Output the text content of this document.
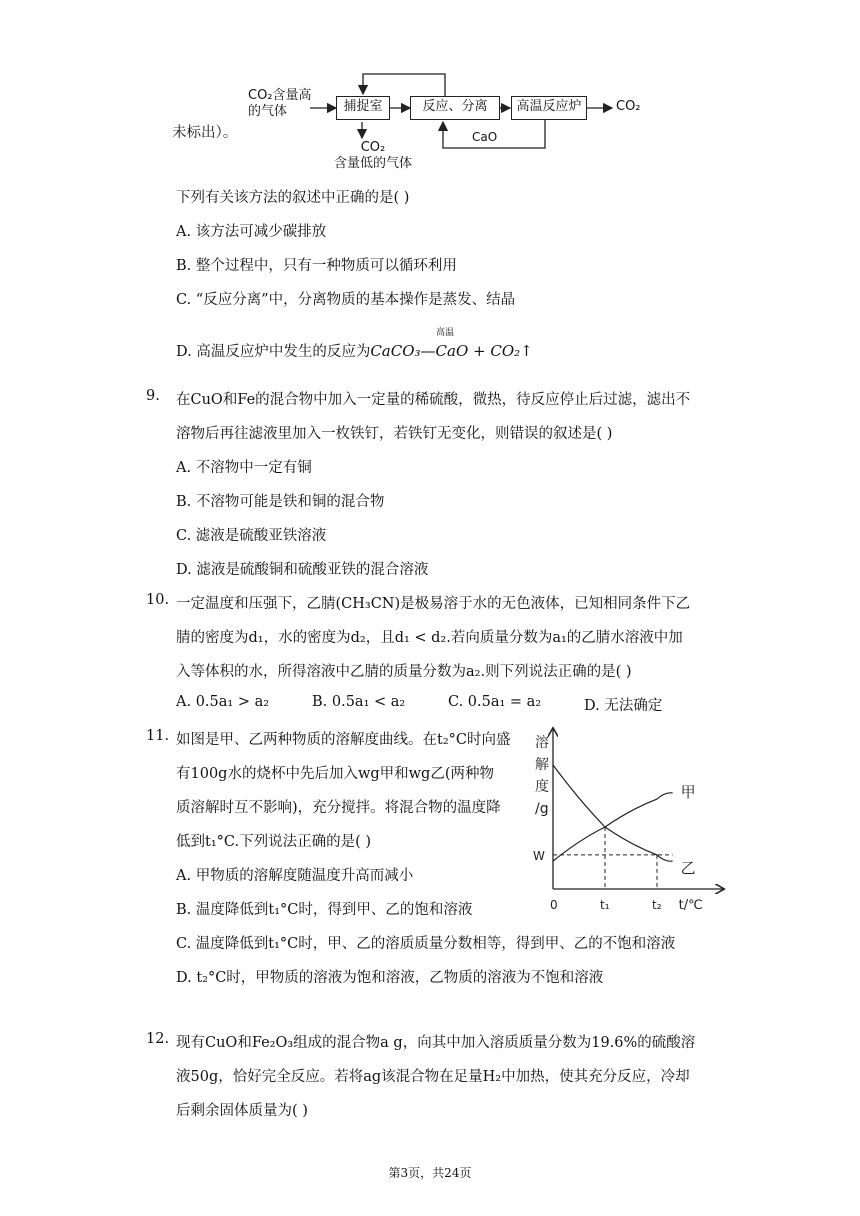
CO₂含量高
的气体	捕捉室	反应、分离	高温反应炉	CO₂
CaO
未标出）。
CO₂
含量低的气体
下列有关该方法的叙述中正确的是( )
A. 该方法可减少碳排放
B. 整个过程中，只有一种物质可以循环利用
C. “反应分离”中，分离物质的基本操作是蒸发、结晶
D. 高温反应炉中发生的反应为CaCO₃—CaO + CO₂↑
高温
9. 在CuO和Fe的混合物中加入一定量的稀硫酸，微热，待反应停止后过滤，滤出不
溶物后再往滤液里加入一枚铁钉，若铁钉无变化，则错误的叙述是( )
A. 不溶物中一定有铜
B. 不溶物可能是铁和铜的混合物
C. 滤液是硫酸亚铁溶液
D. 滤液是硫酸铜和硫酸亚铁的混合溶液
10. 一定温度和压强下，乙腈(CH₃CN)是极易溶于水的无色液体，已知相同条件下乙
腈的密度为d₁，水的密度为d₂，且d₁ < d₂.若向质量分数为a₁的乙腈水溶液中加
入等体积的水，所得溶液中乙腈的质量分数为a₂.则下列说法正确的是( )
A. 0.5a₁ > a₂	B. 0.5a₁ < a₂	C. 0.5a₁ = a₂	D. 无法确定
11. 如图是甲、乙两种物质的溶解度曲线。在t₂°C时向盛
有100g水的烧杯中先后加入wg甲和wg乙(两种物
质溶解时互不影响)，充分搅拌。将混合物的温度降
低到t₁°C.下列说法正确的是( )
A. 甲物质的溶解度随温度升高而减小
B. 温度降低到t₁°C时，得到甲、乙的饱和溶液
C. 温度降低到t₁°C时，甲、乙的溶质质量分数相等，得到甲、乙的不饱和溶液
D. t₂°C时，甲物质的溶液为饱和溶液，乙物质的溶液为不饱和溶液
溶
解
度
/g
甲
乙
0	t₁	t₂ t/℃
W
12. 现有CuO和Fe₂O₃组成的混合物a g，向其中加入溶质质量分数为19.6%的硫酸溶
液50g，恰好完全反应。若将ag该混合物在足量H₂中加热，使其充分反应，冷却
后剩余固体质量为( )
第3页，共24页
